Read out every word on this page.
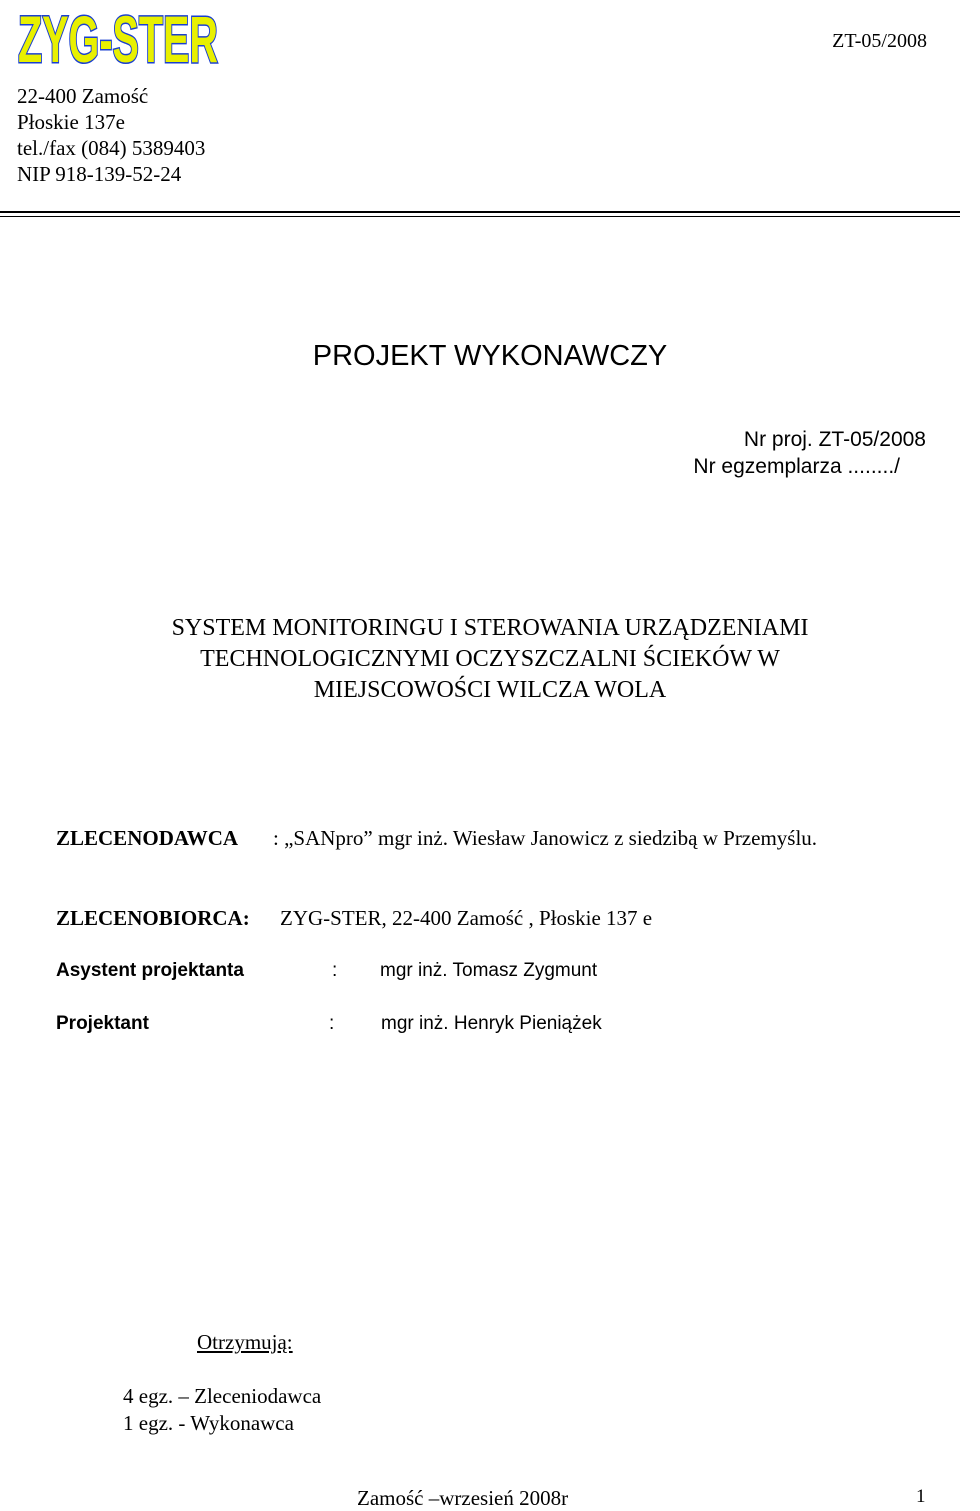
ZYG-STER	ZT-05/2008
22-400 Zamość
Płoskie 137e
tel./fax (084) 5389403
NIP 918-139-52-24
PROJEKT WYKONAWCZY
Nr proj. ZT-05/2008
Nr egzemplarza ......../
SYSTEM MONITORINGU I STEROWANIA URZĄDZENIAMI
TECHNOLOGICZNYMI OCZYSZCZALNI ŚCIEKÓW W
MIEJSCOWOŚCI WILCZA WOLA
ZLECENODAWCA : „SANpro” mgr inż. Wiesław Janowicz z siedzibą w Przemyślu.
ZLECENOBIORCA: ZYG-STER, 22-400 Zamość , Płoskie 137 e
Asystent projektanta	: mgr inż. Tomasz Zygmunt
Projektant	: mgr inż. Henryk Pieniążek
Otrzymują:
4 egz. – Zleceniodawca
1 egz. - Wykonawca
Zamość –wrzesień 2008r	1
